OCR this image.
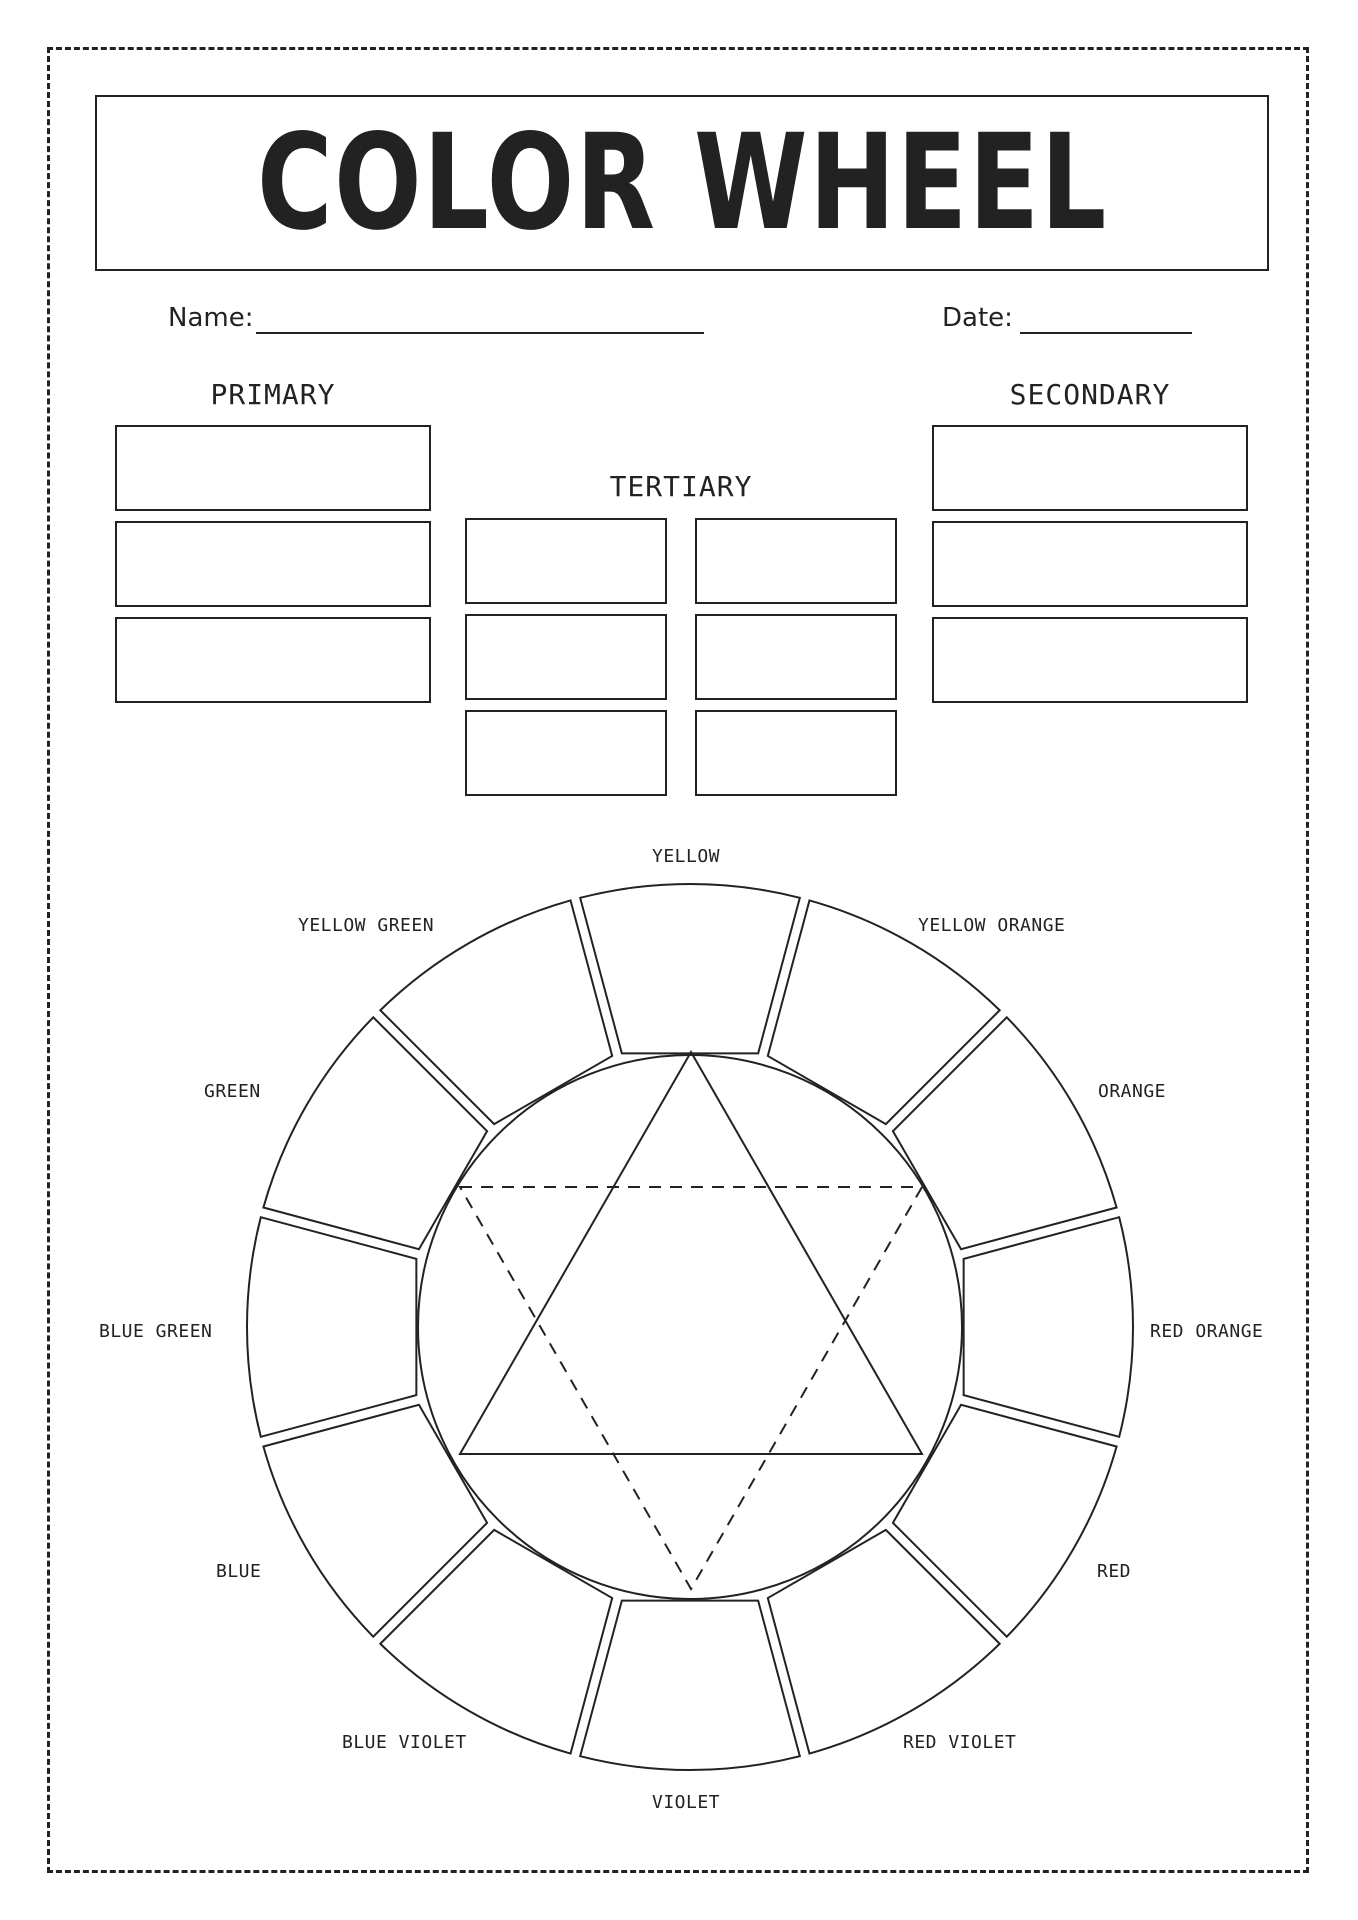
COLOR WHEEL
Name:	Date:
PRIMARY
TERTIARY
SECONDARY
YELLOW
YELLOW ORANGE
ORANGE
RED ORANGE
RED
RED VIOLET
VIOLET
BLUE VIOLET
BLUE
BLUE GREEN
GREEN
YELLOW GREEN
